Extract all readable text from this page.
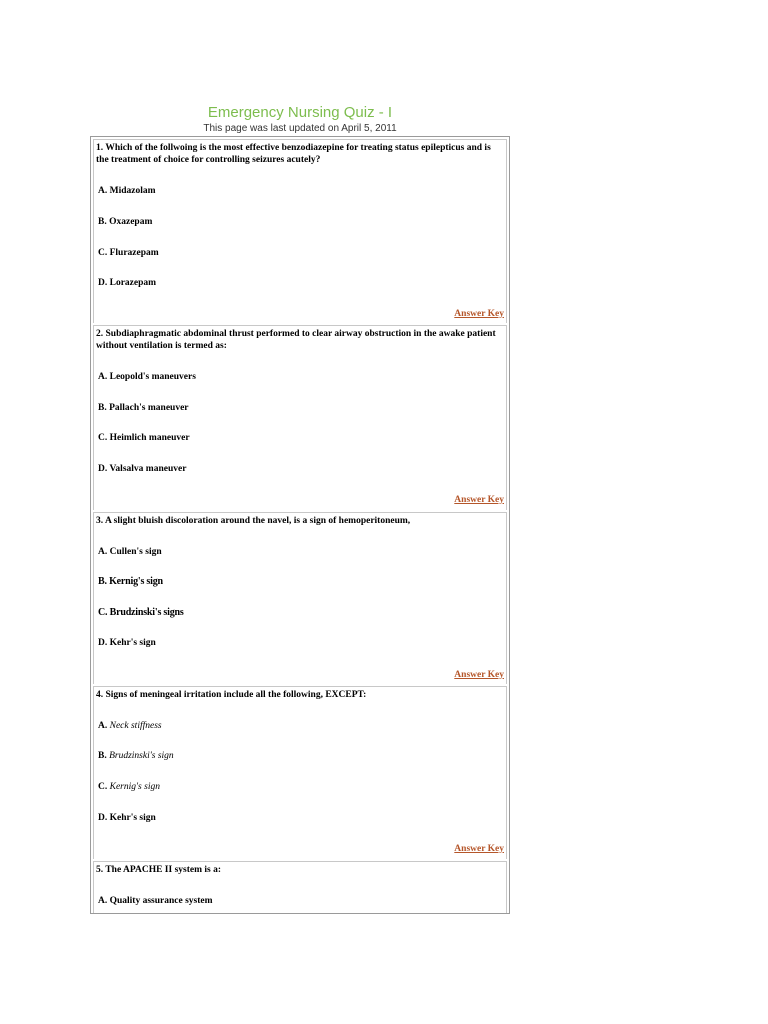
Emergency Nursing Quiz - I

This page was last updated on April 5, 2011

1. Which of the follwoing is the most effective benzodiazepine for treating status epilepticus and is the treatment of choice for controlling seizures acutely?

A. Midazolam

B. Oxazepam

C. Flurazepam

D. Lorazepam

Answer Key

2. Subdiaphragmatic abdominal thrust performed to clear airway obstruction in the awake patient without ventilation is termed as:

A. Leopold's maneuvers

B. Pallach's maneuver

C. Heimlich maneuver

D. Valsalva maneuver

Answer Key

3. A slight bluish discoloration around the navel, is a sign of hemoperitoneum,

A. Cullen's sign

B. Kernig's sign

C. Brudzinski's signs

D. Kehr's sign

Answer Key

4. Signs of meningeal irritation include all the following, EXCEPT:

A. Neck stiffness

B. Brudzinski's sign

C. Kernig's sign

D. Kehr's sign

Answer Key

5. The APACHE II system is a:

A. Quality assurance system
